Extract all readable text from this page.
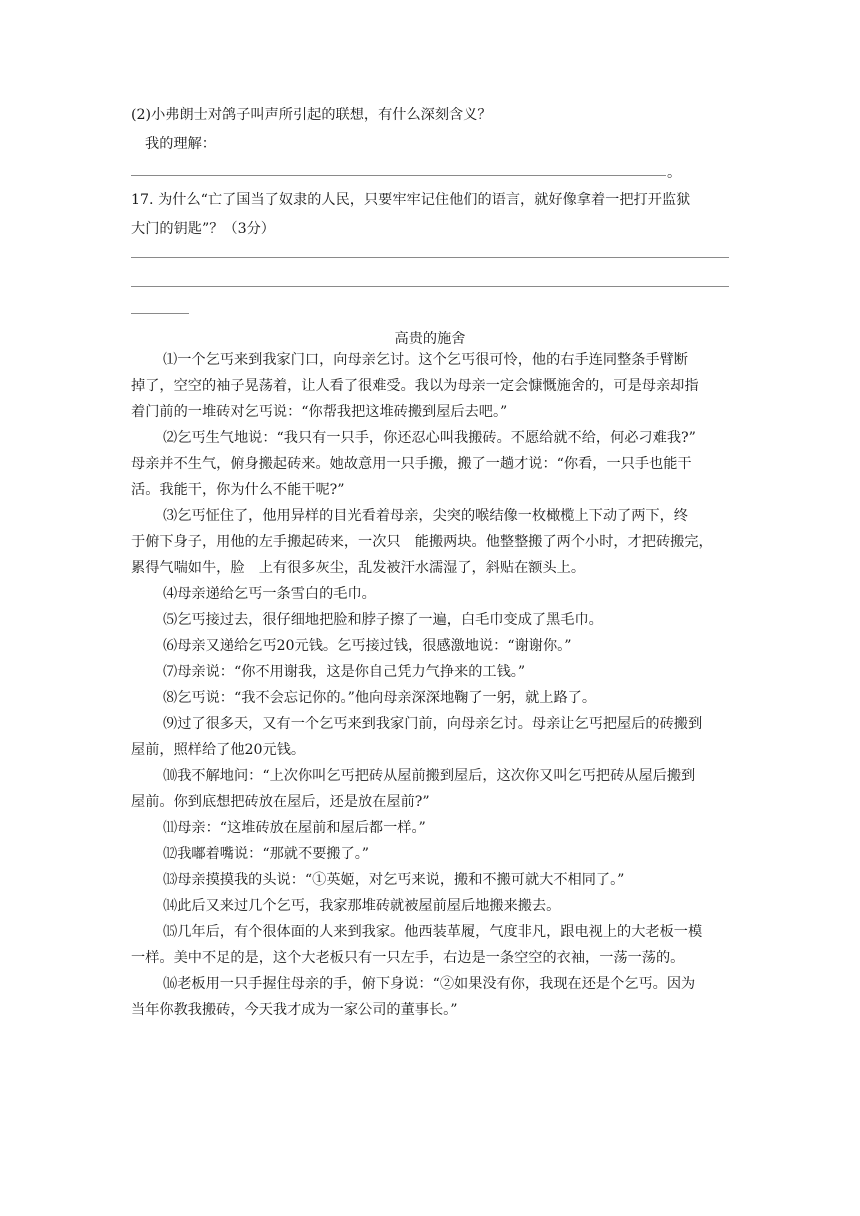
(2)小弗朗士对鸽子叫声所引起的联想，有什么深刻含义？
我的理解：
。
17. 为什么“亡了国当了奴隶的人民，只要牢牢记住他们的语言，就好像拿着一把打开监狱
大门的钥匙”？（3分）
高贵的施舍
⑴一个乞丐来到我家门口，向母亲乞讨。这个乞丐很可怜，他的右手连同整条手臂断
掉了，空空的袖子晃荡着，让人看了很难受。我以为母亲一定会慷慨施舍的，可是母亲却指
着门前的一堆砖对乞丐说：“你帮我把这堆砖搬到屋后去吧。”
⑵乞丐生气地说：“我只有一只手，你还忍心叫我搬砖。不愿给就不给，何必刁难我?”
母亲并不生气，俯身搬起砖来。她故意用一只手搬，搬了一趟才说：“你看，一只手也能干
活。我能干，你为什么不能干呢?”
⑶乞丐怔住了，他用异样的目光看着母亲，尖突的喉结像一枚橄榄上下动了两下，终
于俯下身子，用他的左手搬起砖来，一次只　能搬两块。他整整搬了两个小时，才把砖搬完，
累得气喘如牛，脸　上有很多灰尘，乱发被汗水濡湿了，斜贴在额头上。
⑷母亲递给乞丐一条雪白的毛巾。
⑸乞丐接过去，很仔细地把脸和脖子擦了一遍，白毛巾变成了黑毛巾。
⑹母亲又递给乞丐20元钱。乞丐接过钱，很感激地说：“谢谢你。”
⑺母亲说：“你不用谢我，这是你自己凭力气挣来的工钱。”
⑻乞丐说：“我不会忘记你的。”他向母亲深深地鞠了一躬，就上路了。
⑼过了很多天，又有一个乞丐来到我家门前，向母亲乞讨。母亲让乞丐把屋后的砖搬到
屋前，照样给了他20元钱。
⑽我不解地问：“上次你叫乞丐把砖从屋前搬到屋后，这次你又叫乞丐把砖从屋后搬到
屋前。你到底想把砖放在屋后，还是放在屋前?”
⑾母亲：“这堆砖放在屋前和屋后都一样。”
⑿我嘟着嘴说：“那就不要搬了。”
⒀母亲摸摸我的头说：“①英姬，对乞丐来说，搬和不搬可就大不相同了。”
⒁此后又来过几个乞丐，我家那堆砖就被屋前屋后地搬来搬去。
⒂几年后，有个很体面的人来到我家。他西装革履，气度非凡，跟电视上的大老板一模
一样。美中不足的是，这个大老板只有一只左手，右边是一条空空的衣袖，一荡一荡的。
⒃老板用一只手握住母亲的手，俯下身说：“②如果没有你，我现在还是个乞丐。因为
当年你教我搬砖，今天我才成为一家公司的董事长。”
